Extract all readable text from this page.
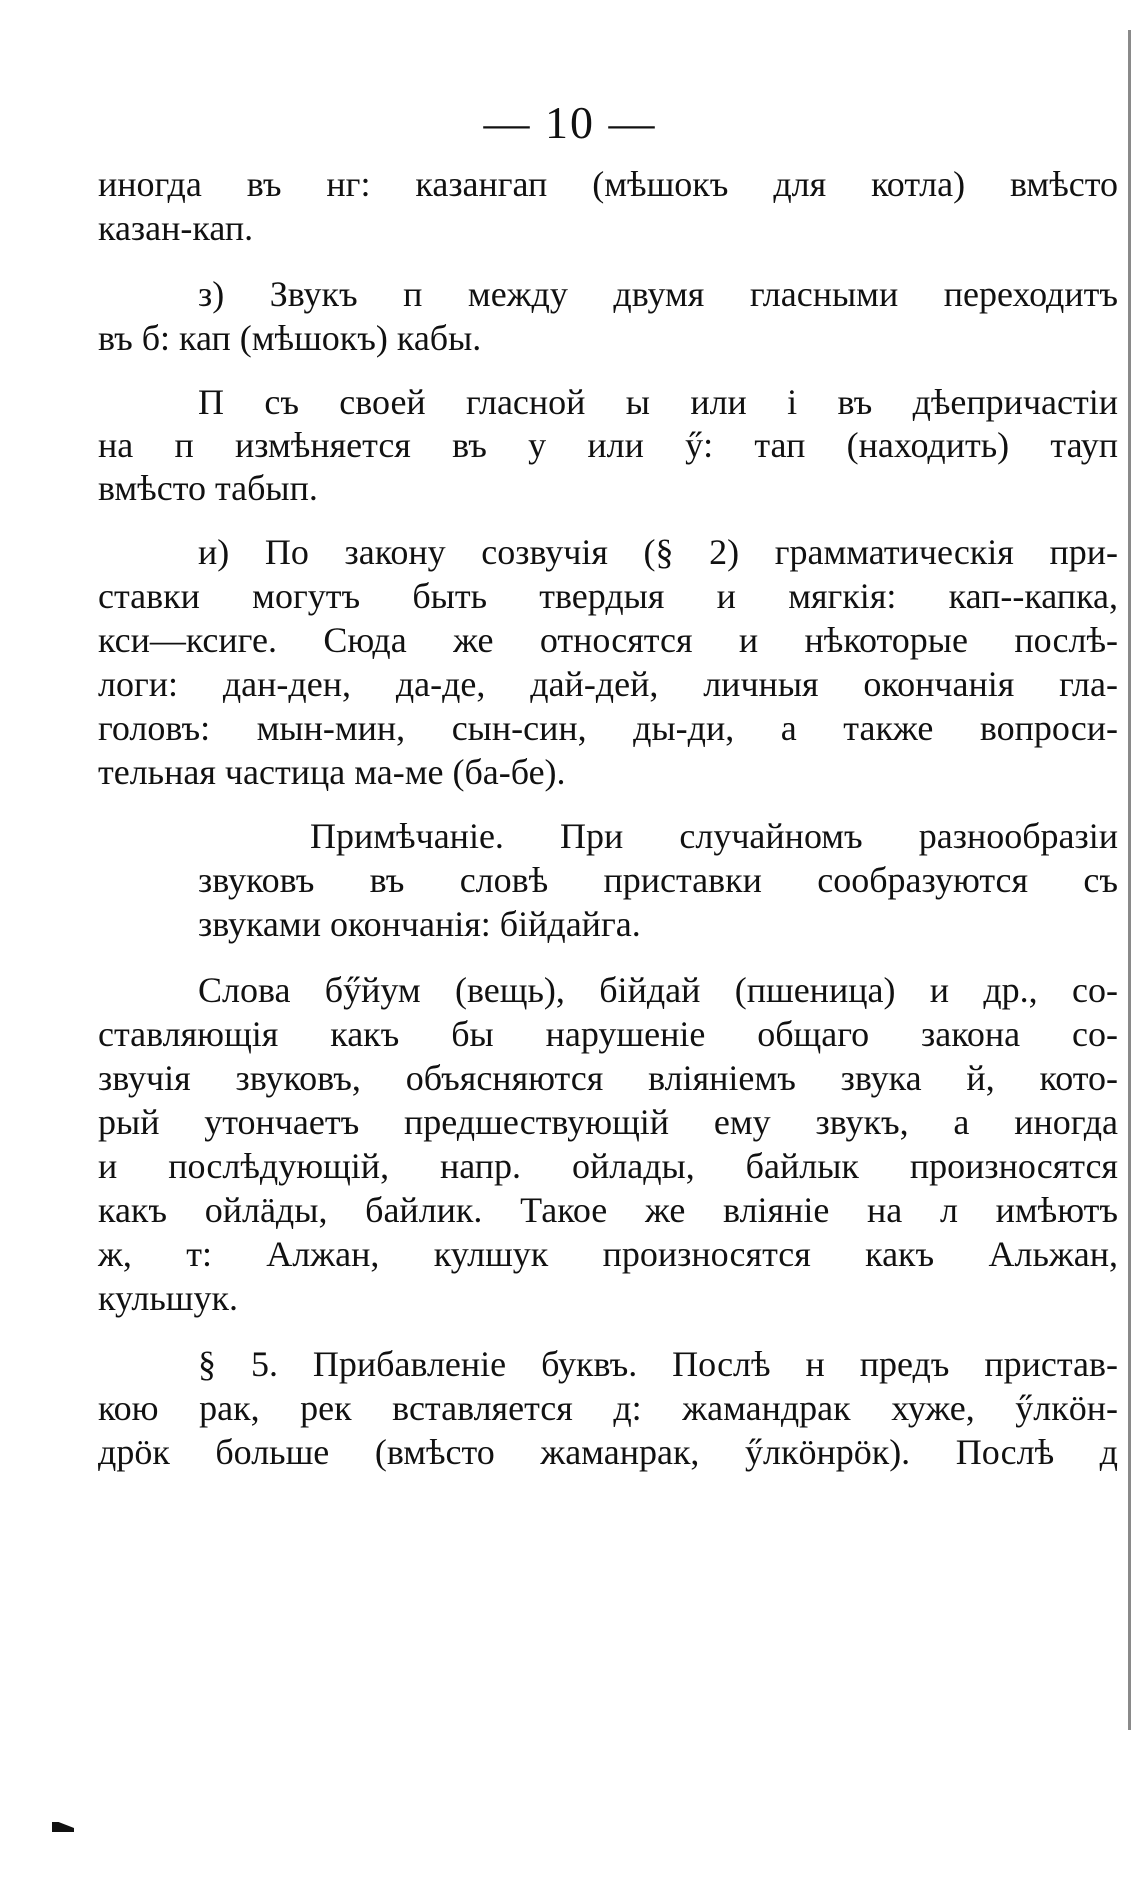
— 10 —
иногда въ нг: казангап (мѣшокъ для котла) вмѣсто
казан-кап.
з) Звукъ п между двумя гласными переходитъ
въ б: кап (мѣшокъ) кабы.
П съ своей гласной ы или і въ дѣепричастіи
на п измѣняется въ у или ӳ: тап (находить) тауп
вмѣсто табып.
и) По закону созвучія (§ 2) грамматическія при-
ставки могутъ быть твердыя и мягкія: кап--капка,
кси—ксиге. Сюда же относятся и нѣкоторые послѣ-
логи: дан-ден, да-де, дай-дей, личныя окончанія гла-
головъ: мын-мин, сын-син, ды-ди, а также вопроси-
тельная частица ма-ме (ба-бе).
Примѣчаніе. При случайномъ разнообразіи
звуковъ въ словѣ приставки сообразуются съ
звуками окончанія: бійдайга.
Слова бӳйум (вещь), бійдай (пшеница) и др., со-
ставляющія какъ бы нарушеніе общаго закона со-
звучія звуковъ, объясняются вліяніемъ звука й, кото-
рый утончаетъ предшествующій ему звукъ, а иногда
и послѣдующій, напр. ойлады, байлык произносятся
какъ ойлäды, байлик. Такое же вліяніе на л имѣютъ
ж, т: Алжан, кулшук произносятся какъ Альжан,
кульшук.
§ 5. Прибавленіе буквъ. Послѣ н предъ пристав-
кою рак, рек вставляется д: жамандрак хуже, ӳлкöн-
дрöк больше (вмѣсто жаманрак, ӳлкöнрöк). Послѣ д
